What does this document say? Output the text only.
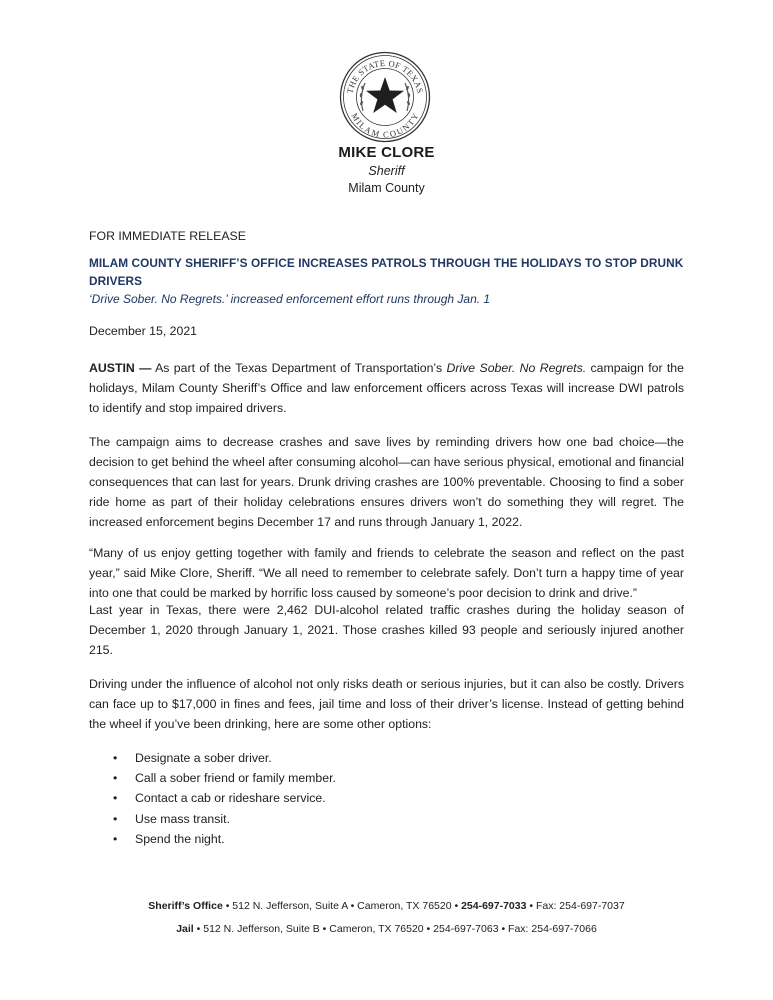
THE STATE OF TEXAS
MILAM COUNTY
MIKE CLORE
Sheriff
Milam County
FOR IMMEDIATE RELEASE
MILAM COUNTY SHERIFF’S OFFICE INCREASES PATROLS THROUGH THE HOLIDAYS TO STOP DRUNK DRIVERS
‘Drive Sober. No Regrets.’ increased enforcement effort runs through Jan. 1
December 15, 2021
AUSTIN — As part of the Texas Department of Transportation’s Drive Sober. No Regrets. campaign for the holidays, Milam County Sheriff’s Office and law enforcement officers across Texas will increase DWI patrols to identify and stop impaired drivers.
The campaign aims to decrease crashes and save lives by reminding drivers how one bad choice—the decision to get behind the wheel after consuming alcohol—can have serious physical, emotional and financial consequences that can last for years. Drunk driving crashes are 100% preventable. Choosing to find a sober ride home as part of their holiday celebrations ensures drivers won’t do something they will regret. The increased enforcement begins December 17 and runs through January 1, 2022.
“Many of us enjoy getting together with family and friends to celebrate the season and reflect on the past year,” said Mike Clore, Sheriff. “We all need to remember to celebrate safely. Don’t turn a happy time of year into one that could be marked by horrific loss caused by someone’s poor decision to drink and drive.”
Last year in Texas, there were 2,462 DUI-alcohol related traffic crashes during the holiday season of December 1, 2020 through January 1, 2021. Those crashes killed 93 people and seriously injured another 215.
Driving under the influence of alcohol not only risks death or serious injuries, but it can also be costly. Drivers can face up to $17,000 in fines and fees, jail time and loss of their driver’s license. Instead of getting behind the wheel if you’ve been drinking, here are some other options:
• Designate a sober driver.
• Call a sober friend or family member.
• Contact a cab or rideshare service.
• Use mass transit.
• Spend the night.
Sheriff’s Office • 512 N. Jefferson, Suite A • Cameron, TX 76520 • 254-697-7033 • Fax: 254-697-7037
Jail • 512 N. Jefferson, Suite B • Cameron, TX 76520 • 254-697-7063 • Fax: 254-697-7066
